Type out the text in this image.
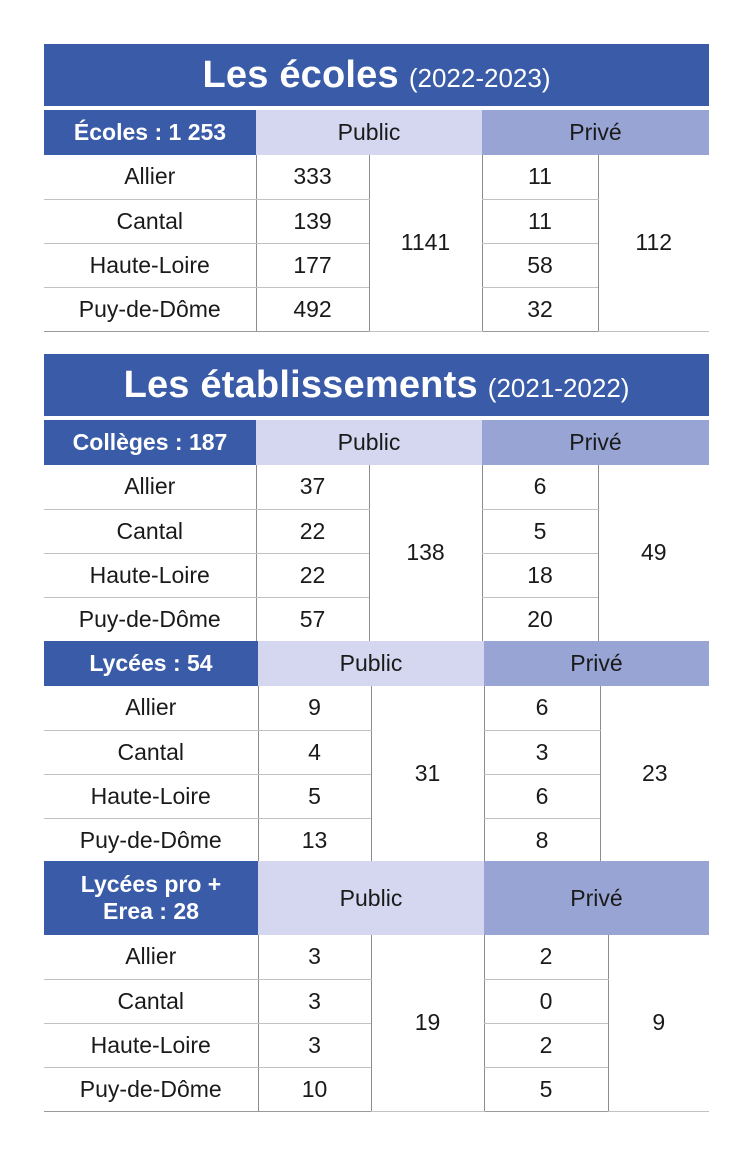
Les écoles (2022-2023)
Écoles : 1 253	Public		Privé	
Allier	333	1141	11	112
Cantal	139		11	
Haute-Loire	177		58	
Puy-de-Dôme	492		32	
Les établissements (2021-2022)
Collèges : 187	Public		Privé	
Allier	37	138	6	49
Cantal	22		5	
Haute-Loire	22		18	
Puy-de-Dôme	57		20	
Lycées : 54	Public		Privé	
Allier	9	31	6	23
Cantal	4		3	
Haute-Loire	5		6	
Puy-de-Dôme	13		8	
Lycées pro +
Erea : 28	Public		Privé	
Allier	3	19	2	9
Cantal	3		0	
Haute-Loire	3		2	
Puy-de-Dôme	10		5	
